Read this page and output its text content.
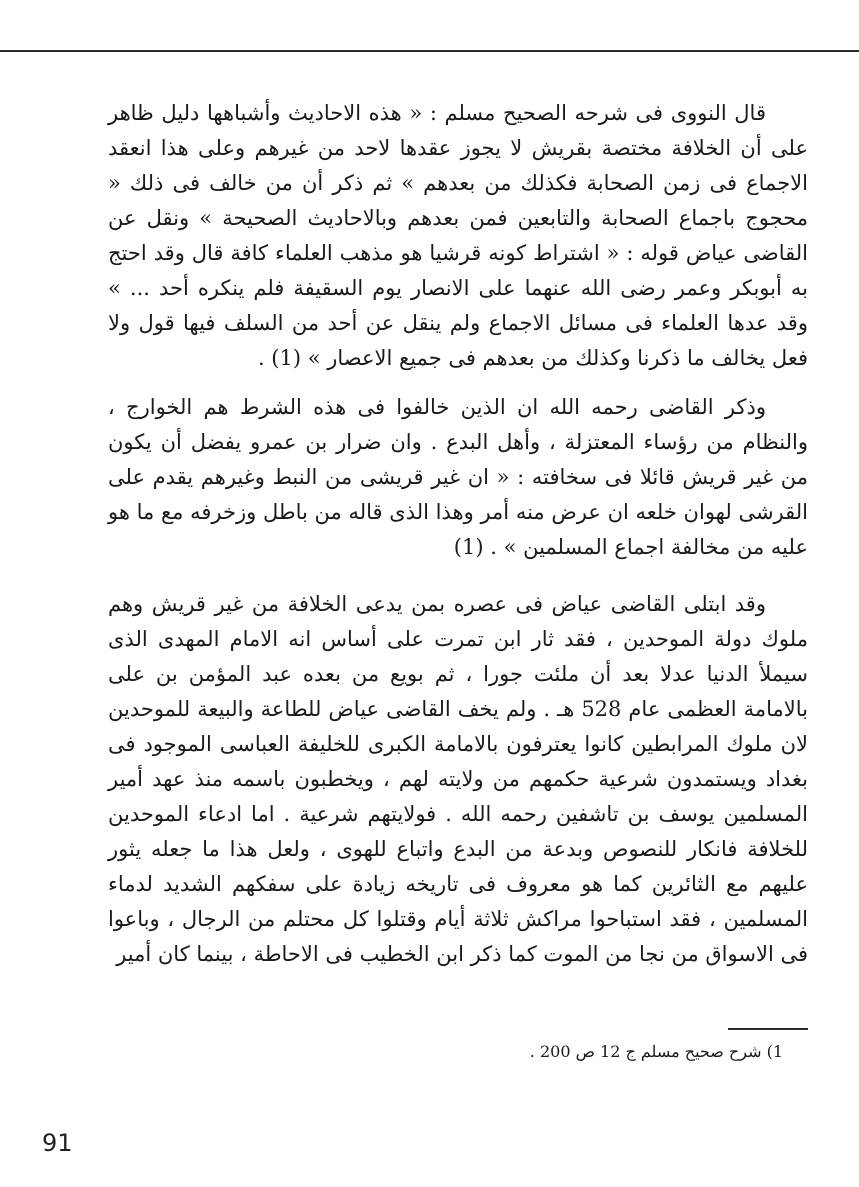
قال النووى فى شرحه الصحيح مسلم : « هذه الاحاديث وأشباهها دليل ظاهر على أن الخلافة مختصة بقريش لا يجوز عقدها لاحد من غيرهم وعلى هذا انعقد الاجماع فى زمن الصحابة فكذلك من بعدهم » ثم ذكر أن من خالف فى ذلك « محجوج باجماع الصحابة والتابعين فمن بعدهم وبالاحاديث الصحيحة » ونقل عن القاضى عياض قوله : « اشتراط كونه قرشيا هو مذهب العلماء كافة قال وقد احتج به أبوبكر وعمر رضى الله عنهما على الانصار يوم السقيفة فلم ينكره أحد ... » وقد عدها العلماء فى مسائل الاجماع ولم ينقل عن أحد من السلف فيها قول ولا فعل يخالف ما ذكرنا وكذلك من بعدهم فى جميع الاعصار » (1) .

وذكر القاضى رحمه الله ان الذين خالفوا فى هذه الشرط هم الخوارج ، والنظام من رؤساء المعتزلة ، وأهل البدع . وان ضرار بن عمرو يفضل أن يكون من غير قريش قائلا فى سخافته : « ان غير قريشى من النبط وغيرهم يقدم على القرشى لهوان خلعه ان عرض منه أمر وهذا الذى قاله من باطل وزخرفه مع ما هو عليه من مخالفة اجماع المسلمين » . (1)

وقد ابتلى القاضى عياض فى عصره بمن يدعى الخلافة من غير قريش وهم ملوك دولة الموحدين ، فقد ثار ابن تمرت على أساس انه الامام المهدى الذى سيملأ الدنيا عدلا بعد أن ملئت جورا ، ثم بويع من بعده عبد المؤمن بن على بالامامة العظمى عام 528 هـ . ولم يخف القاضى عياض للطاعة والبيعة للموحدين لان ملوك المرابطين كانوا يعترفون بالامامة الكبرى للخليفة العباسى الموجود فى بغداد ويستمدون شرعية حكمهم من ولايته لهم ، ويخطبون باسمه منذ عهد أمير المسلمين يوسف بن تاشفين رحمه الله . فولايتهم شرعية . اما ادعاء الموحدين للخلافة فانكار للنصوص وبدعة من البدع واتباع للهوى ، ولعل هذا ما جعله يثور عليهم مع الثائرين كما هو معروف فى تاريخه زيادة على سفكهم الشديد لدماء المسلمين ، فقد استباحوا مراكش ثلاثة أيام وقتلوا كل محتلم من الرجال ، وباعوا فى الاسواق من نجا من الموت كما ذكر ابن الخطيب فى الاحاطة ، بينما كان أمير

1) شرح صحيح مسلم ج 12 ص 200 .
91
